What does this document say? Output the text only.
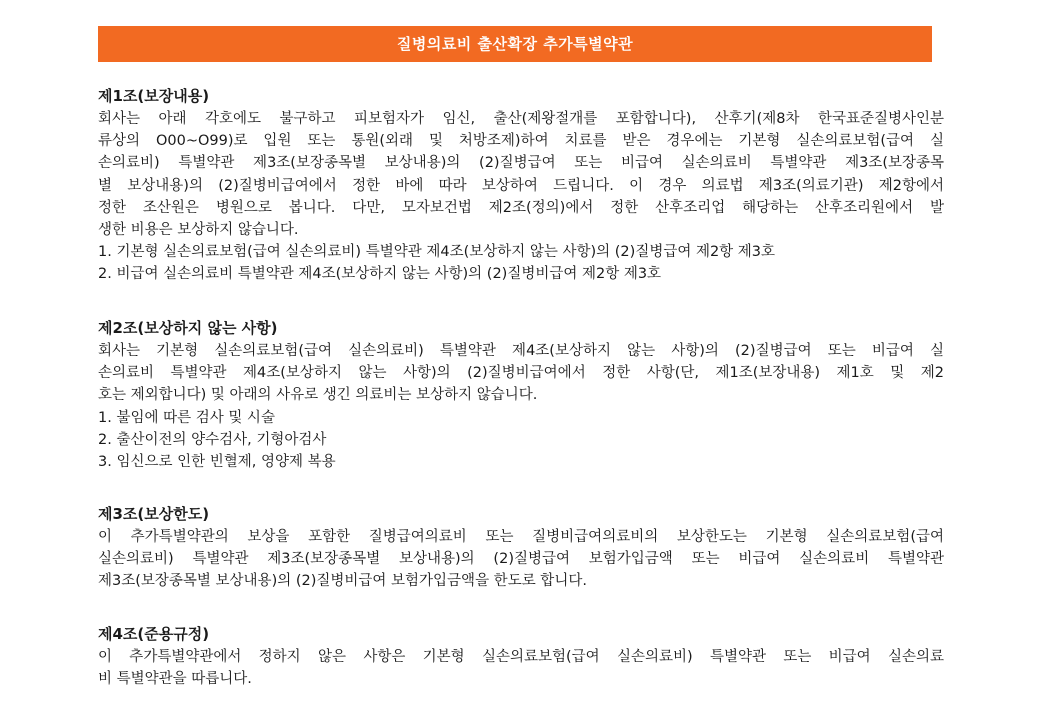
질병의료비 출산확장 추가특별약관
제1조(보장내용)

회사는 아래 각호에도 불구하고 피보험자가 임신, 출산(제왕절개를 포함합니다), 산후기(제8차 한국표준질병사인분

류상의 O00~O99)로 입원 또는 통원(외래 및 처방조제)하여 치료를 받은 경우에는 기본형 실손의료보험(급여 실

손의료비) 특별약관 제3조(보장종목별 보상내용)의 (2)질병급여 또는 비급여 실손의료비 특별약관 제3조(보장종목

별 보상내용)의 (2)질병비급여에서 정한 바에 따라 보상하여 드립니다. 이 경우 의료법 제3조(의료기관) 제2항에서

정한 조산원은 병원으로 봅니다. 다만, 모자보건법 제2조(정의)에서 정한 산후조리업 해당하는 산후조리원에서 발

생한 비용은 보상하지 않습니다.

1. 기본형 실손의료보험(급여 실손의료비) 특별약관 제4조(보상하지 않는 사항)의 (2)질병급여 제2항 제3호

2. 비급여 실손의료비 특별약관 제4조(보상하지 않는 사항)의 (2)질병비급여 제2항 제3호

제2조(보상하지 않는 사항)

회사는 기본형 실손의료보험(급여 실손의료비) 특별약관 제4조(보상하지 않는 사항)의 (2)질병급여 또는 비급여 실

손의료비 특별약관 제4조(보상하지 않는 사항)의 (2)질병비급여에서 정한 사항(단, 제1조(보장내용) 제1호 및 제2

호는 제외합니다) 및 아래의 사유로 생긴 의료비는 보상하지 않습니다.

1. 불임에 따른 검사 및 시술

2. 출산이전의 양수검사, 기형아검사

3. 임신으로 인한 빈혈제, 영양제 복용

제3조(보상한도)

이 추가특별약관의 보상을 포함한 질병급여의료비 또는 질병비급여의료비의 보상한도는 기본형 실손의료보험(급여

실손의료비) 특별약관 제3조(보장종목별 보상내용)의 (2)질병급여 보험가입금액 또는 비급여 실손의료비 특별약관

제3조(보장종목별 보상내용)의 (2)질병비급여 보험가입금액을 한도로 합니다.

제4조(준용규정)

이 추가특별약관에서 정하지 않은 사항은 기본형 실손의료보험(급여 실손의료비) 특별약관 또는 비급여 실손의료

비 특별약관을 따릅니다.
